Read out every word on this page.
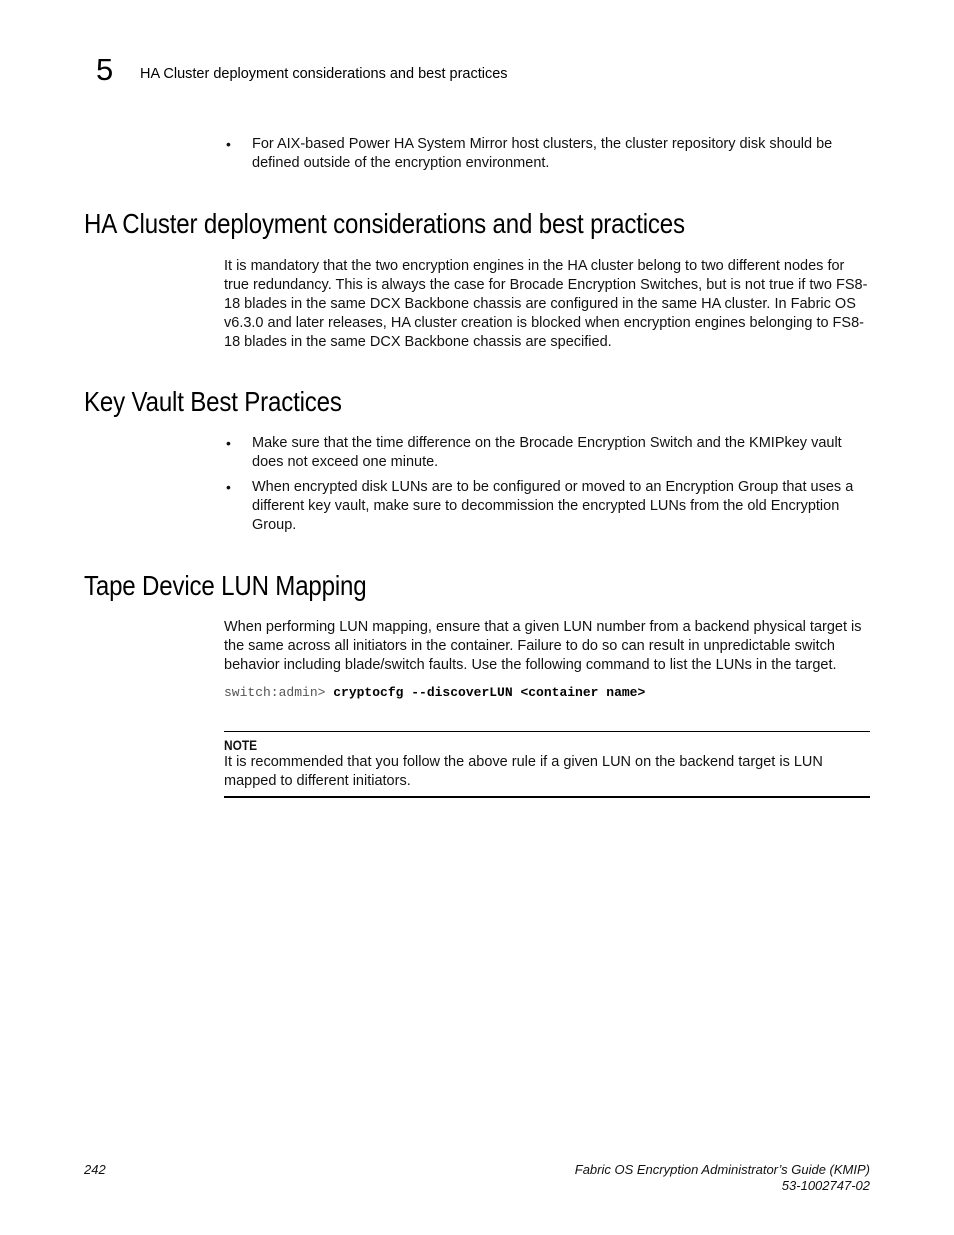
5 HA Cluster deployment considerations and best practices
• For AIX-based Power HA System Mirror host clusters, the cluster repository disk should be defined outside of the encryption environment.
HA Cluster deployment considerations and best practices

It is mandatory that the two encryption engines in the HA cluster belong to two different nodes for true redundancy. This is always the case for Brocade Encryption Switches, but is not true if two FS8-18 blades in the same DCX Backbone chassis are configured in the same HA cluster. In Fabric OS v6.3.0 and later releases, HA cluster creation is blocked when encryption engines belonging to FS8-18 blades in the same DCX Backbone chassis are specified.

Key Vault Best Practices
• Make sure that the time difference on the Brocade Encryption Switch and the KMIPkey vault does not exceed one minute.
• When encrypted disk LUNs are to be configured or moved to an Encryption Group that uses a different key vault, make sure to decommission the encrypted LUNs from the old Encryption Group.
Tape Device LUN Mapping

When performing LUN mapping, ensure that a given LUN number from a backend physical target is the same across all initiators in the container. Failure to do so can result in unpredictable switch behavior including blade/switch faults. Use the following command to list the LUNs in the target.

switch:admin> cryptocfg --discoverLUN <container name>
NOTE
It is recommended that you follow the above rule if a given LUN on the backend target is LUN mapped to different initiators.
242	Fabric OS Encryption Administrator’s Guide (KMIP)
53-1002747-02
